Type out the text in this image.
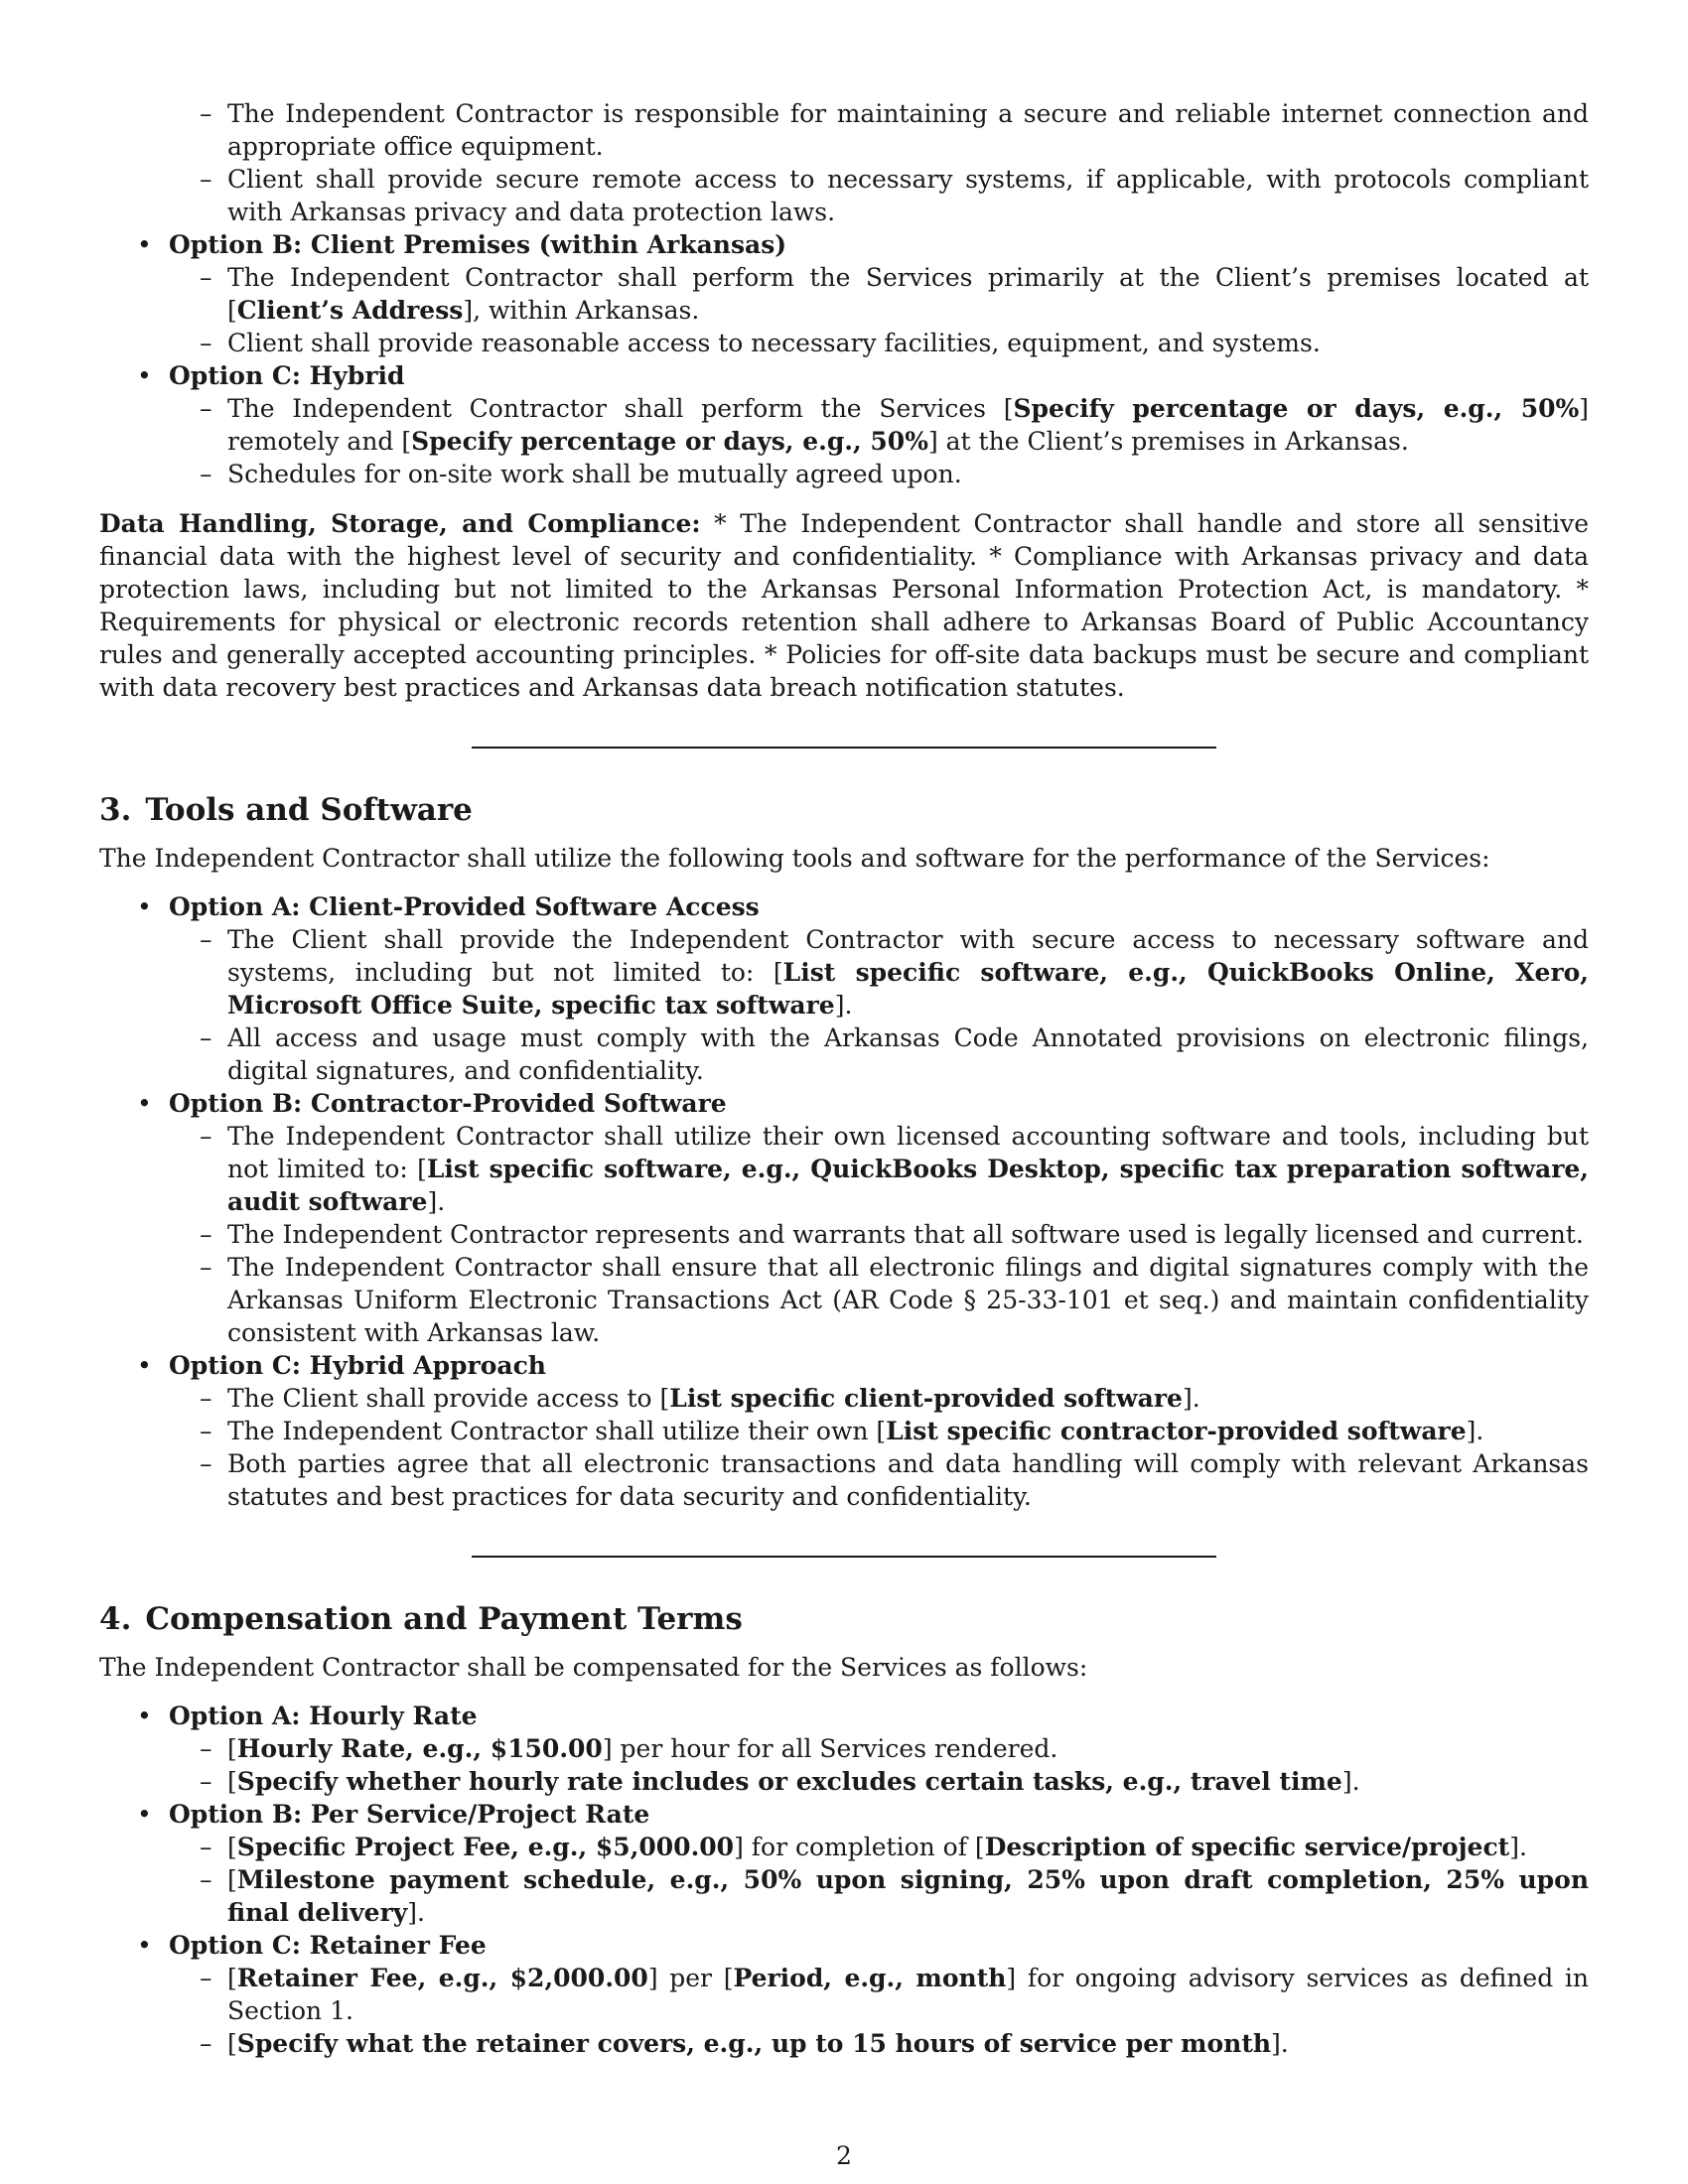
– The Independent Contractor is responsible for maintaining a secure and reliable internet connection and appropriate office equipment.
– Client shall provide secure remote access to necessary systems, if applicable, with protocols compliant with Arkansas privacy and data protection laws.
• Option B: Client Premises (within Arkansas)
– The Independent Contractor shall perform the Services primarily at the Client’s premises located at [Client’s Address], within Arkansas.
– Client shall provide reasonable access to necessary facilities, equipment, and systems.
• Option C: Hybrid
– The Independent Contractor shall perform the Services [Specify percentage or days, e.g., 50%] remotely and [Specify percentage or days, e.g., 50%] at the Client’s premises in Arkansas.
– Schedules for on-site work shall be mutually agreed upon.

Data Handling, Storage, and Compliance: * The Independent Contractor shall handle and store all sensitive financial data with the highest level of security and confidentiality. * Compliance with Arkansas privacy and data protection laws, including but not limited to the Arkansas Personal Information Protection Act, is mandatory. * Requirements for physical or electronic records retention shall adhere to Arkansas Board of Public Accountancy rules and generally accepted accounting principles. * Policies for off-site data backups must be secure and compliant with data recovery best practices and Arkansas data breach notification statutes.

3. Tools and Software

The Independent Contractor shall utilize the following tools and software for the performance of the Services:

• Option A: Client-Provided Software Access
– The Client shall provide the Independent Contractor with secure access to necessary software and systems, including but not limited to: [List specific software, e.g., QuickBooks Online, Xero, Microsoft Office Suite, specific tax software].
– All access and usage must comply with the Arkansas Code Annotated provisions on electronic filings, digital signatures, and confidentiality.
• Option B: Contractor-Provided Software
– The Independent Contractor shall utilize their own licensed accounting software and tools, including but not limited to: [List specific software, e.g., QuickBooks Desktop, specific tax preparation software, audit software].
– The Independent Contractor represents and warrants that all software used is legally licensed and current.
– The Independent Contractor shall ensure that all electronic filings and digital signatures comply with the Arkansas Uniform Electronic Transactions Act (AR Code § 25-33-101 et seq.) and maintain confidentiality consistent with Arkansas law.
• Option C: Hybrid Approach
– The Client shall provide access to [List specific client-provided software].
– The Independent Contractor shall utilize their own [List specific contractor-provided software].
– Both parties agree that all electronic transactions and data handling will comply with relevant Arkansas statutes and best practices for data security and confidentiality.
4. Compensation and Payment Terms

The Independent Contractor shall be compensated for the Services as follows:

• Option A: Hourly Rate
– [Hourly Rate, e.g., $150.00] per hour for all Services rendered.
– [Specify whether hourly rate includes or excludes certain tasks, e.g., travel time].
• Option B: Per Service/Project Rate
– [Specific Project Fee, e.g., $5,000.00] for completion of [Description of specific service/project].
– [Milestone payment schedule, e.g., 50% upon signing, 25% upon draft completion, 25% upon final delivery].
• Option C: Retainer Fee
– [Retainer Fee, e.g., $2,000.00] per [Period, e.g., month] for ongoing advisory services as defined in Section 1.
– [Specify what the retainer covers, e.g., up to 15 hours of service per month].
2
